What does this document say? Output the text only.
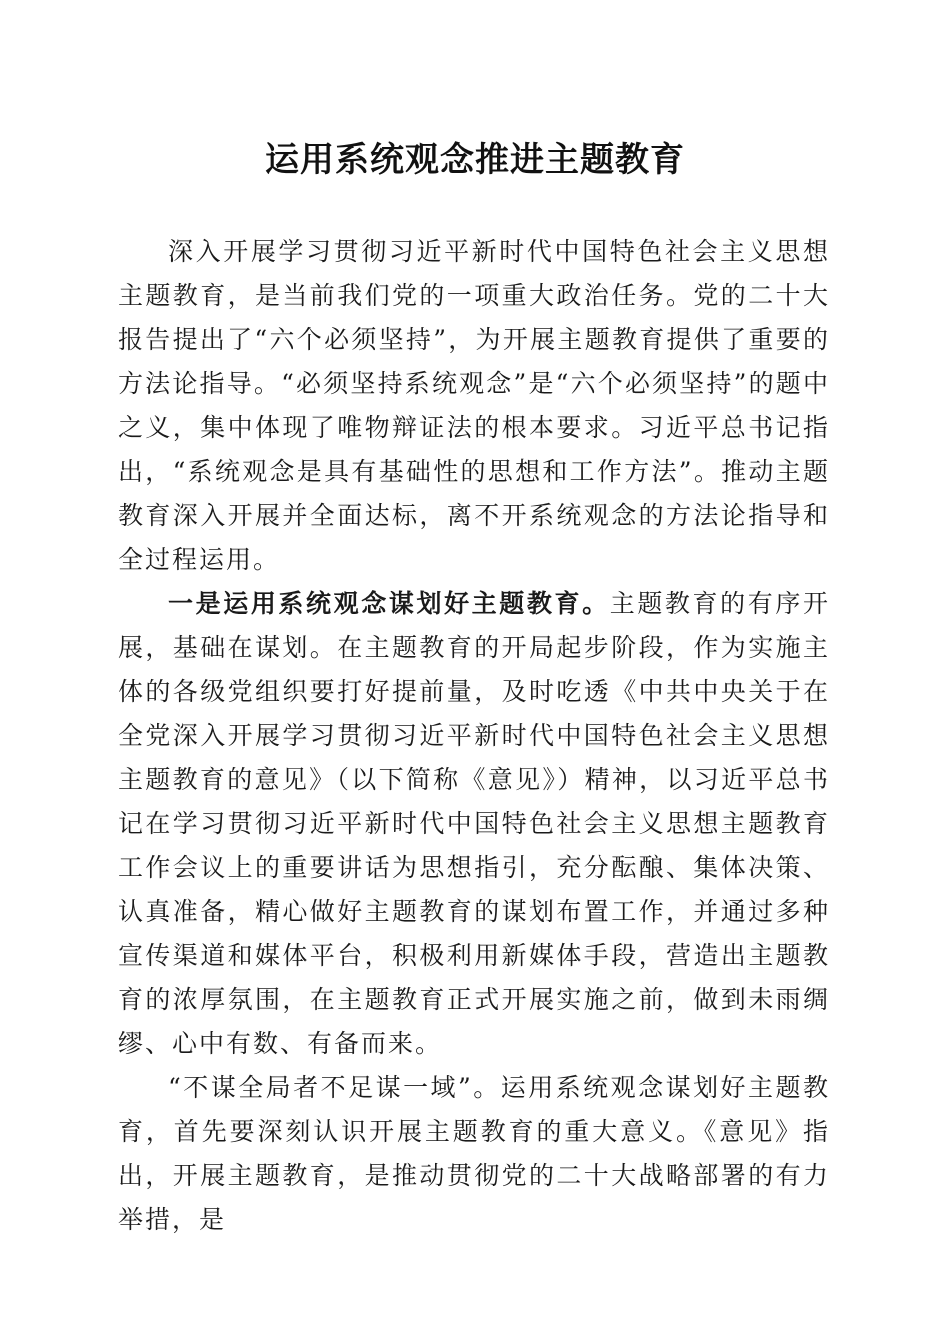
运用系统观念推进主题教育

深入开展学习贯彻习近平新时代中国特色社会主义思想主题教育，是当前我们党的一项重大政治任务。党的二十大报告提出了“六个必须坚持”，为开展主题教育提供了重要的方法论指导。“必须坚持系统观念”是“六个必须坚持”的题中之义，集中体现了唯物辩证法的根本要求。习近平总书记指出，“系统观念是具有基础性的思想和工作方法”。推动主题教育深入开展并全面达标，离不开系统观念的方法论指导和全过程运用。

一是运用系统观念谋划好主题教育。主题教育的有序开展，基础在谋划。在主题教育的开局起步阶段，作为实施主体的各级党组织要打好提前量，及时吃透《中共中央关于在全党深入开展学习贯彻习近平新时代中国特色社会主义思想主题教育的意见》（以下简称《意见》）精神，以习近平总书记在学习贯彻习近平新时代中国特色社会主义思想主题教育工作会议上的重要讲话为思想指引，充分酝酿、集体决策、认真准备，精心做好主题教育的谋划布置工作，并通过多种宣传渠道和媒体平台，积极利用新媒体手段，营造出主题教育的浓厚氛围，在主题教育正式开展实施之前，做到未雨绸缪、心中有数、有备而来。

“不谋全局者不足谋一域”。运用系统观念谋划好主题教育，首先要深刻认识开展主题教育的重大意义。《意见》指出，开展主题教育，是推动贯彻党的二十大战略部署的有力举措，是
